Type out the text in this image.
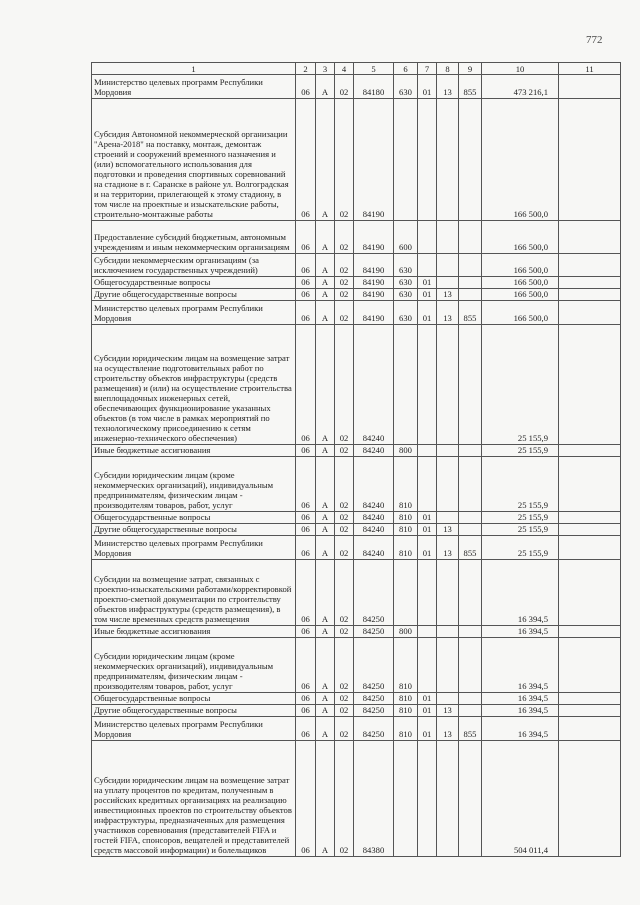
772
1	2	3	4	5	6	7	8	9	10	11
Министерство целевых программ Республики Мордовия	06	А	02	84180	630	01	13	855	473 216,1	
Субсидия Автономной некоммерческой организации "Арена-2018" на поставку, монтаж, демонтаж строений и сооружений временного назначения и (или) вспомогательного использования для подготовки и проведения спортивных соревнований на стадионе в г. Саранске в районе ул. Волгоградская и на территории, прилегающей к этому стадиону, в том числе на проектные и изыскательские работы, строительно-монтажные работы	06	А	02	84190					166 500,0	
Предоставление субсидий бюджетным, автономным учреждениям и иным некоммерческим организациям	06	А	02	84190	600				166 500,0	
Субсидии некоммерческим организациям (за исключением государственных учреждений)	06	А	02	84190	630				166 500,0	
Общегосударственные вопросы	06	А	02	84190	630	01			166 500,0	
Другие общегосударственные вопросы	06	А	02	84190	630	01	13		166 500,0	
Министерство целевых программ Республики Мордовия	06	А	02	84190	630	01	13	855	166 500,0	
Субсидии юридическим лицам на возмещение затрат на осуществление подготовительных работ по строительству объектов инфраструктуры (средств размещения) и (или) на осуществление строительства внеплощадочных инженерных сетей, обеспечивающих функционирование указанных объектов (в том числе в рамках мероприятий по технологическому присоединению к сетям инженерно-технического обеспечения)	06	А	02	84240					25 155,9	
Иные бюджетные ассигнования	06	А	02	84240	800				25 155,9	
Субсидии юридическим лицам (кроме некоммерческих организаций), индивидуальным предпринимателям, физическим лицам - производителям товаров, работ, услуг	06	А	02	84240	810				25 155,9	
Общегосударственные вопросы	06	А	02	84240	810	01			25 155,9	
Другие общегосударственные вопросы	06	А	02	84240	810	01	13		25 155,9	
Министерство целевых программ Республики Мордовия	06	А	02	84240	810	01	13	855	25 155,9	
Субсидии на возмещение затрат, связанных с проектно-изыскательскими работами/корректировкой проектно-сметной документации по строительству объектов инфраструктуры (средств размещения), в том числе временных средств размещения	06	А	02	84250					16 394,5	
Иные бюджетные ассигнования	06	А	02	84250	800				16 394,5	
Субсидии юридическим лицам (кроме некоммерческих организаций), индивидуальным предпринимателям, физическим лицам - производителям товаров, работ, услуг	06	А	02	84250	810				16 394,5	
Общегосударственные вопросы	06	А	02	84250	810	01			16 394,5	
Другие общегосударственные вопросы	06	А	02	84250	810	01	13		16 394,5	
Министерство целевых программ Республики Мордовия	06	А	02	84250	810	01	13	855	16 394,5	
Субсидии юридическим лицам на возмещение затрат на уплату процентов по кредитам, полученным в российских кредитных организациях на реализацию инвестиционных проектов по строительству объектов инфраструктуры, предназначенных для размещения участников соревнования (представителей FIFA и гостей FIFA, спонсоров, вещателей и представителей средств массовой информации) и болельщиков	06	А	02	84380					504 011,4	
